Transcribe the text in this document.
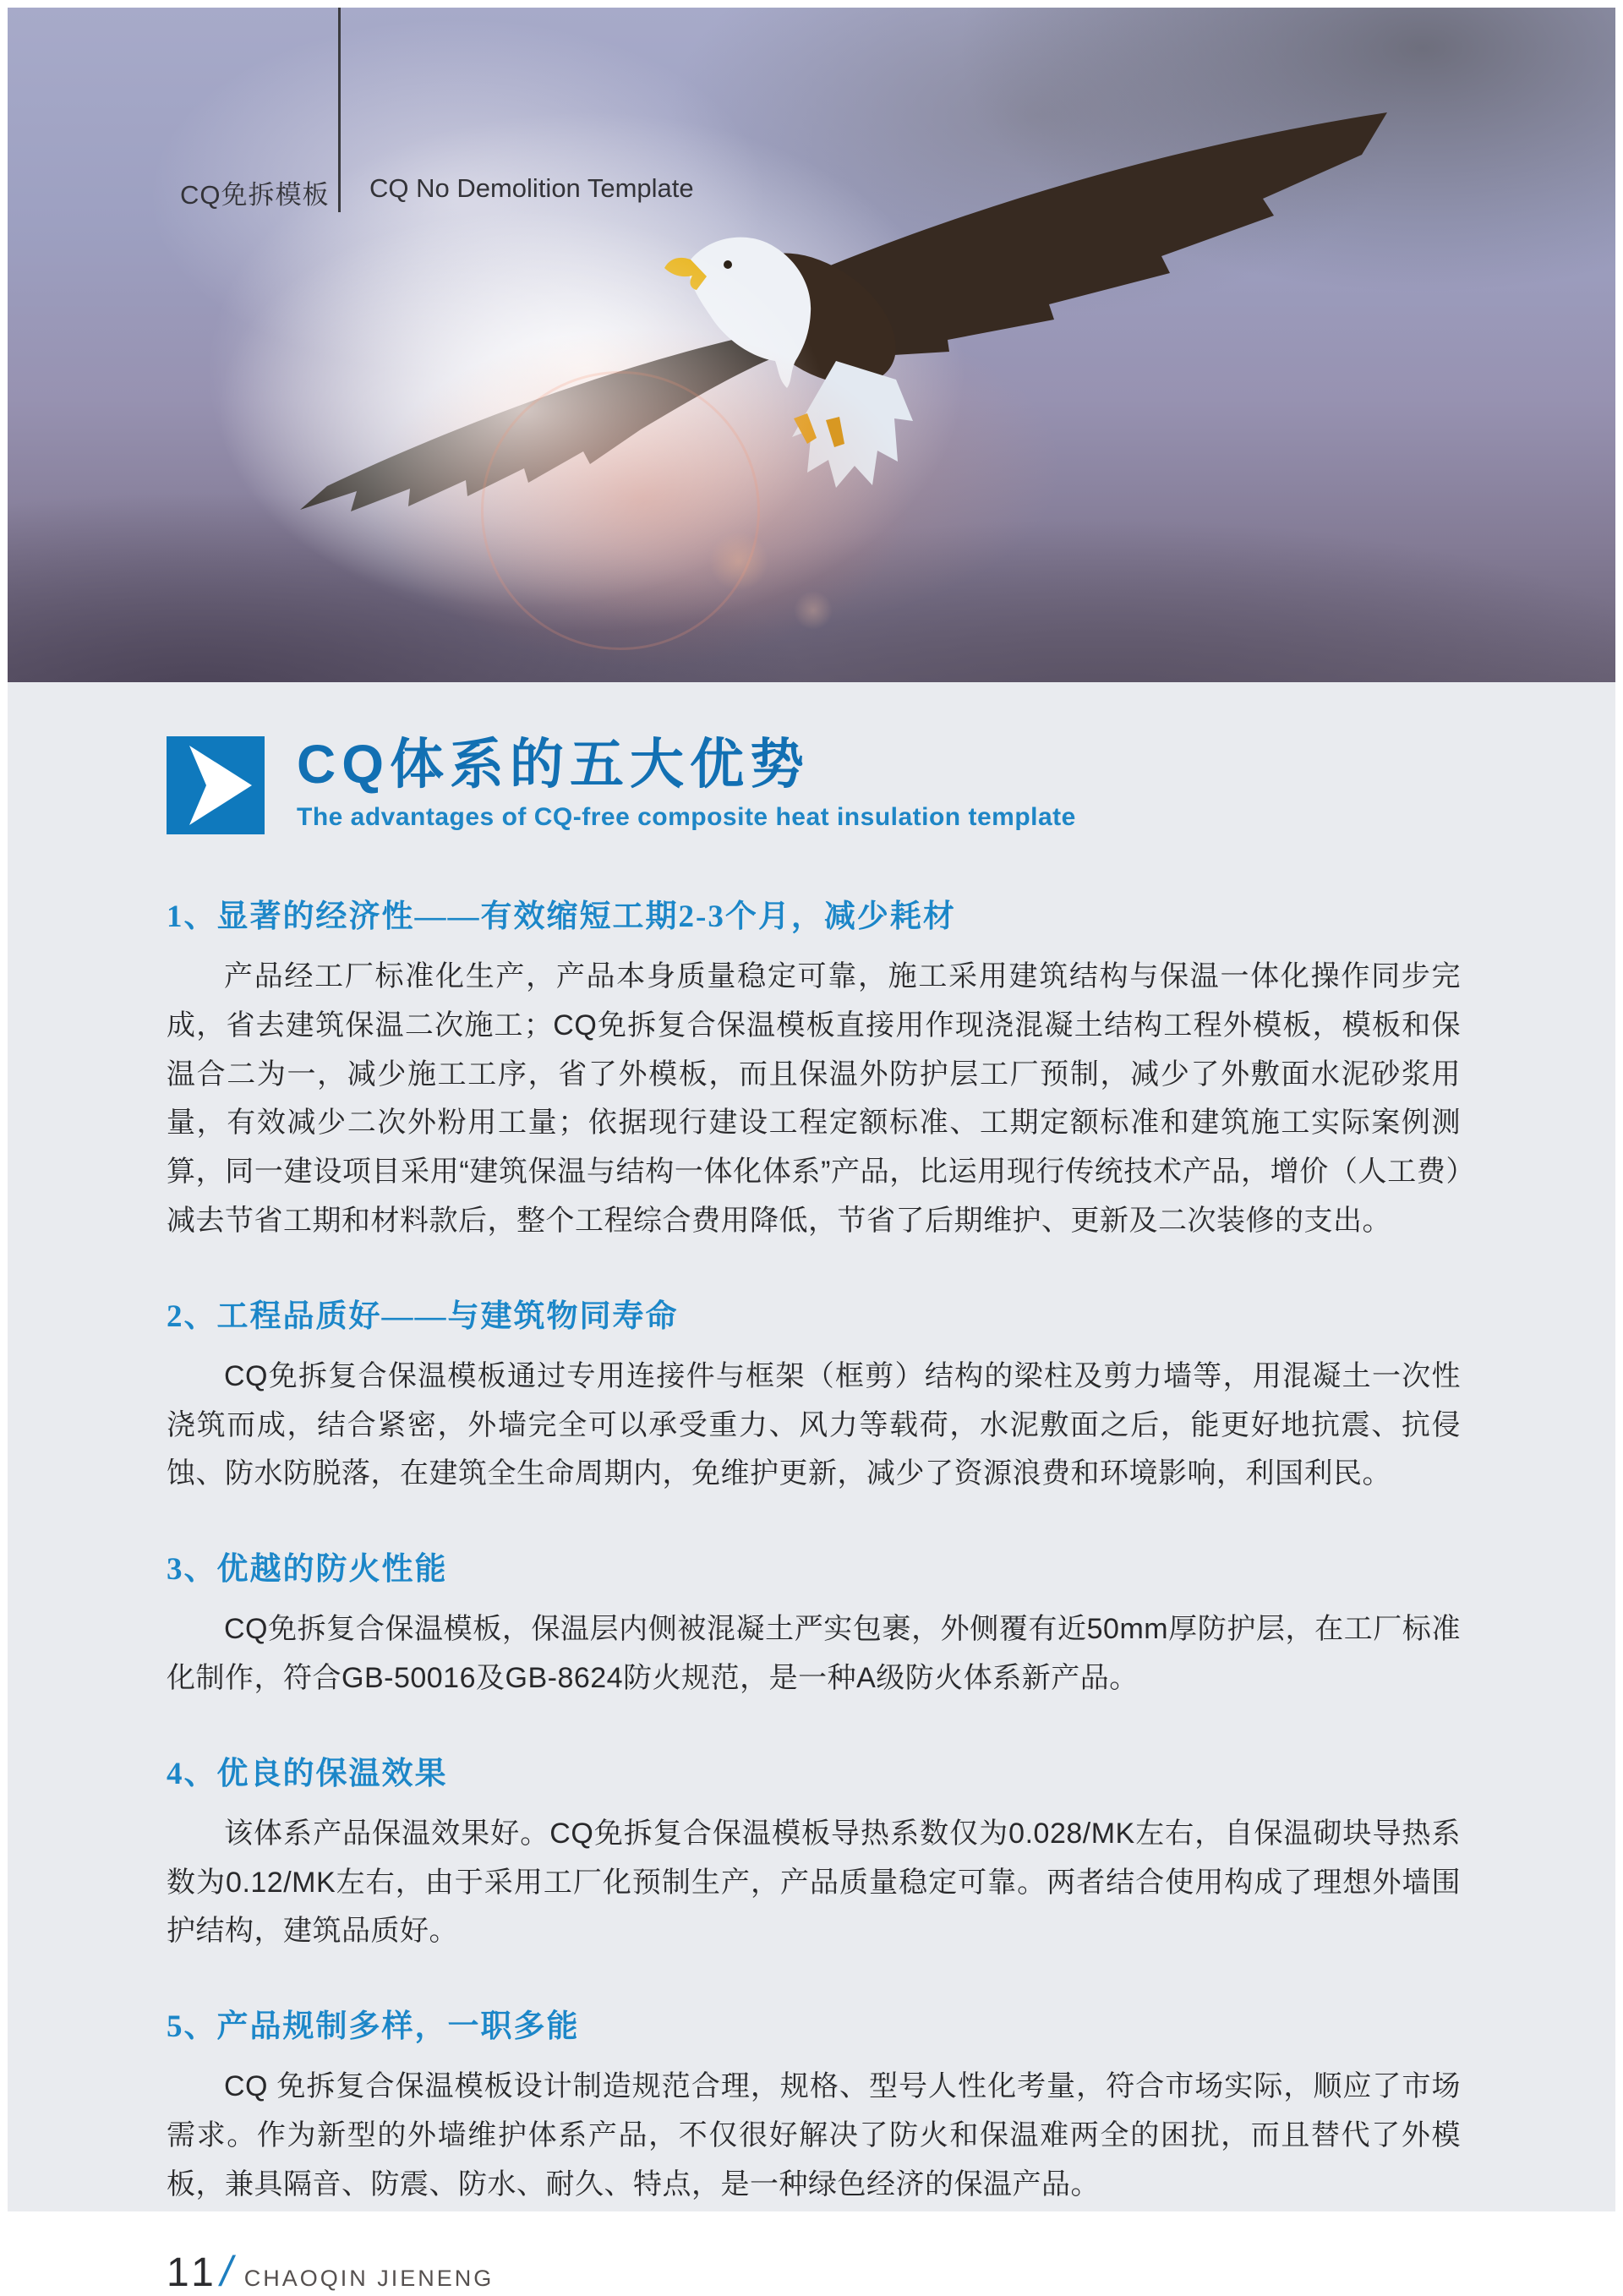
CQ免拆模板 CQ No Demolition Template
CQ体系的五大优势
The advantages of CQ-free composite heat insulation template
1、显著的经济性——有效缩短工期2-3个月，减少耗材

产品经工厂标准化生产，产品本身质量稳定可靠，施工采用建筑结构与保温一体化操作同步完成，省去建筑保温二次施工；CQ免拆复合保温模板直接用作现浇混凝土结构工程外模板，模板和保温合二为一，减少施工工序，省了外模板，而且保温外防护层工厂预制，减少了外敷面水泥砂浆用量，有效减少二次外粉用工量；依据现行建设工程定额标准、工期定额标准和建筑施工实际案例测算，同一建设项目采用“建筑保温与结构一体化体系”产品，比运用现行传统技术产品，增价（人工费）减去节省工期和材料款后，整个工程综合费用降低，节省了后期维护、更新及二次装修的支出。

2、工程品质好——与建筑物同寿命

CQ免拆复合保温模板通过专用连接件与框架（框剪）结构的梁柱及剪力墙等，用混凝土一次性浇筑而成，结合紧密，外墙完全可以承受重力、风力等载荷，水泥敷面之后，能更好地抗震、抗侵蚀、防水防脱落，在建筑全生命周期内，免维护更新，减少了资源浪费和环境影响，利国利民。

3、优越的防火性能

CQ免拆复合保温模板，保温层内侧被混凝土严实包裹，外侧覆有近50mm厚防护层，在工厂标准化制作，符合GB-50016及GB-8624防火规范，是一种A级防火体系新产品。

4、优良的保温效果

该体系产品保温效果好。CQ免拆复合保温模板导热系数仅为0.028/MK左右，自保温砌块导热系数为0.12/MK左右，由于采用工厂化预制生产，产品质量稳定可靠。两者结合使用构成了理想外墙围护结构，建筑品质好。

5、产品规制多样，一职多能

CQ 免拆复合保温模板设计制造规范合理，规格、型号人性化考量，符合市场实际，顺应了市场需求。作为新型的外墙维护体系产品，不仅很好解决了防火和保温难两全的困扰，而且替代了外模板，兼具隔音、防震、防水、耐久、特点，是一种绿色经济的保温产品。

11 / CHAOQIN JIENENG
